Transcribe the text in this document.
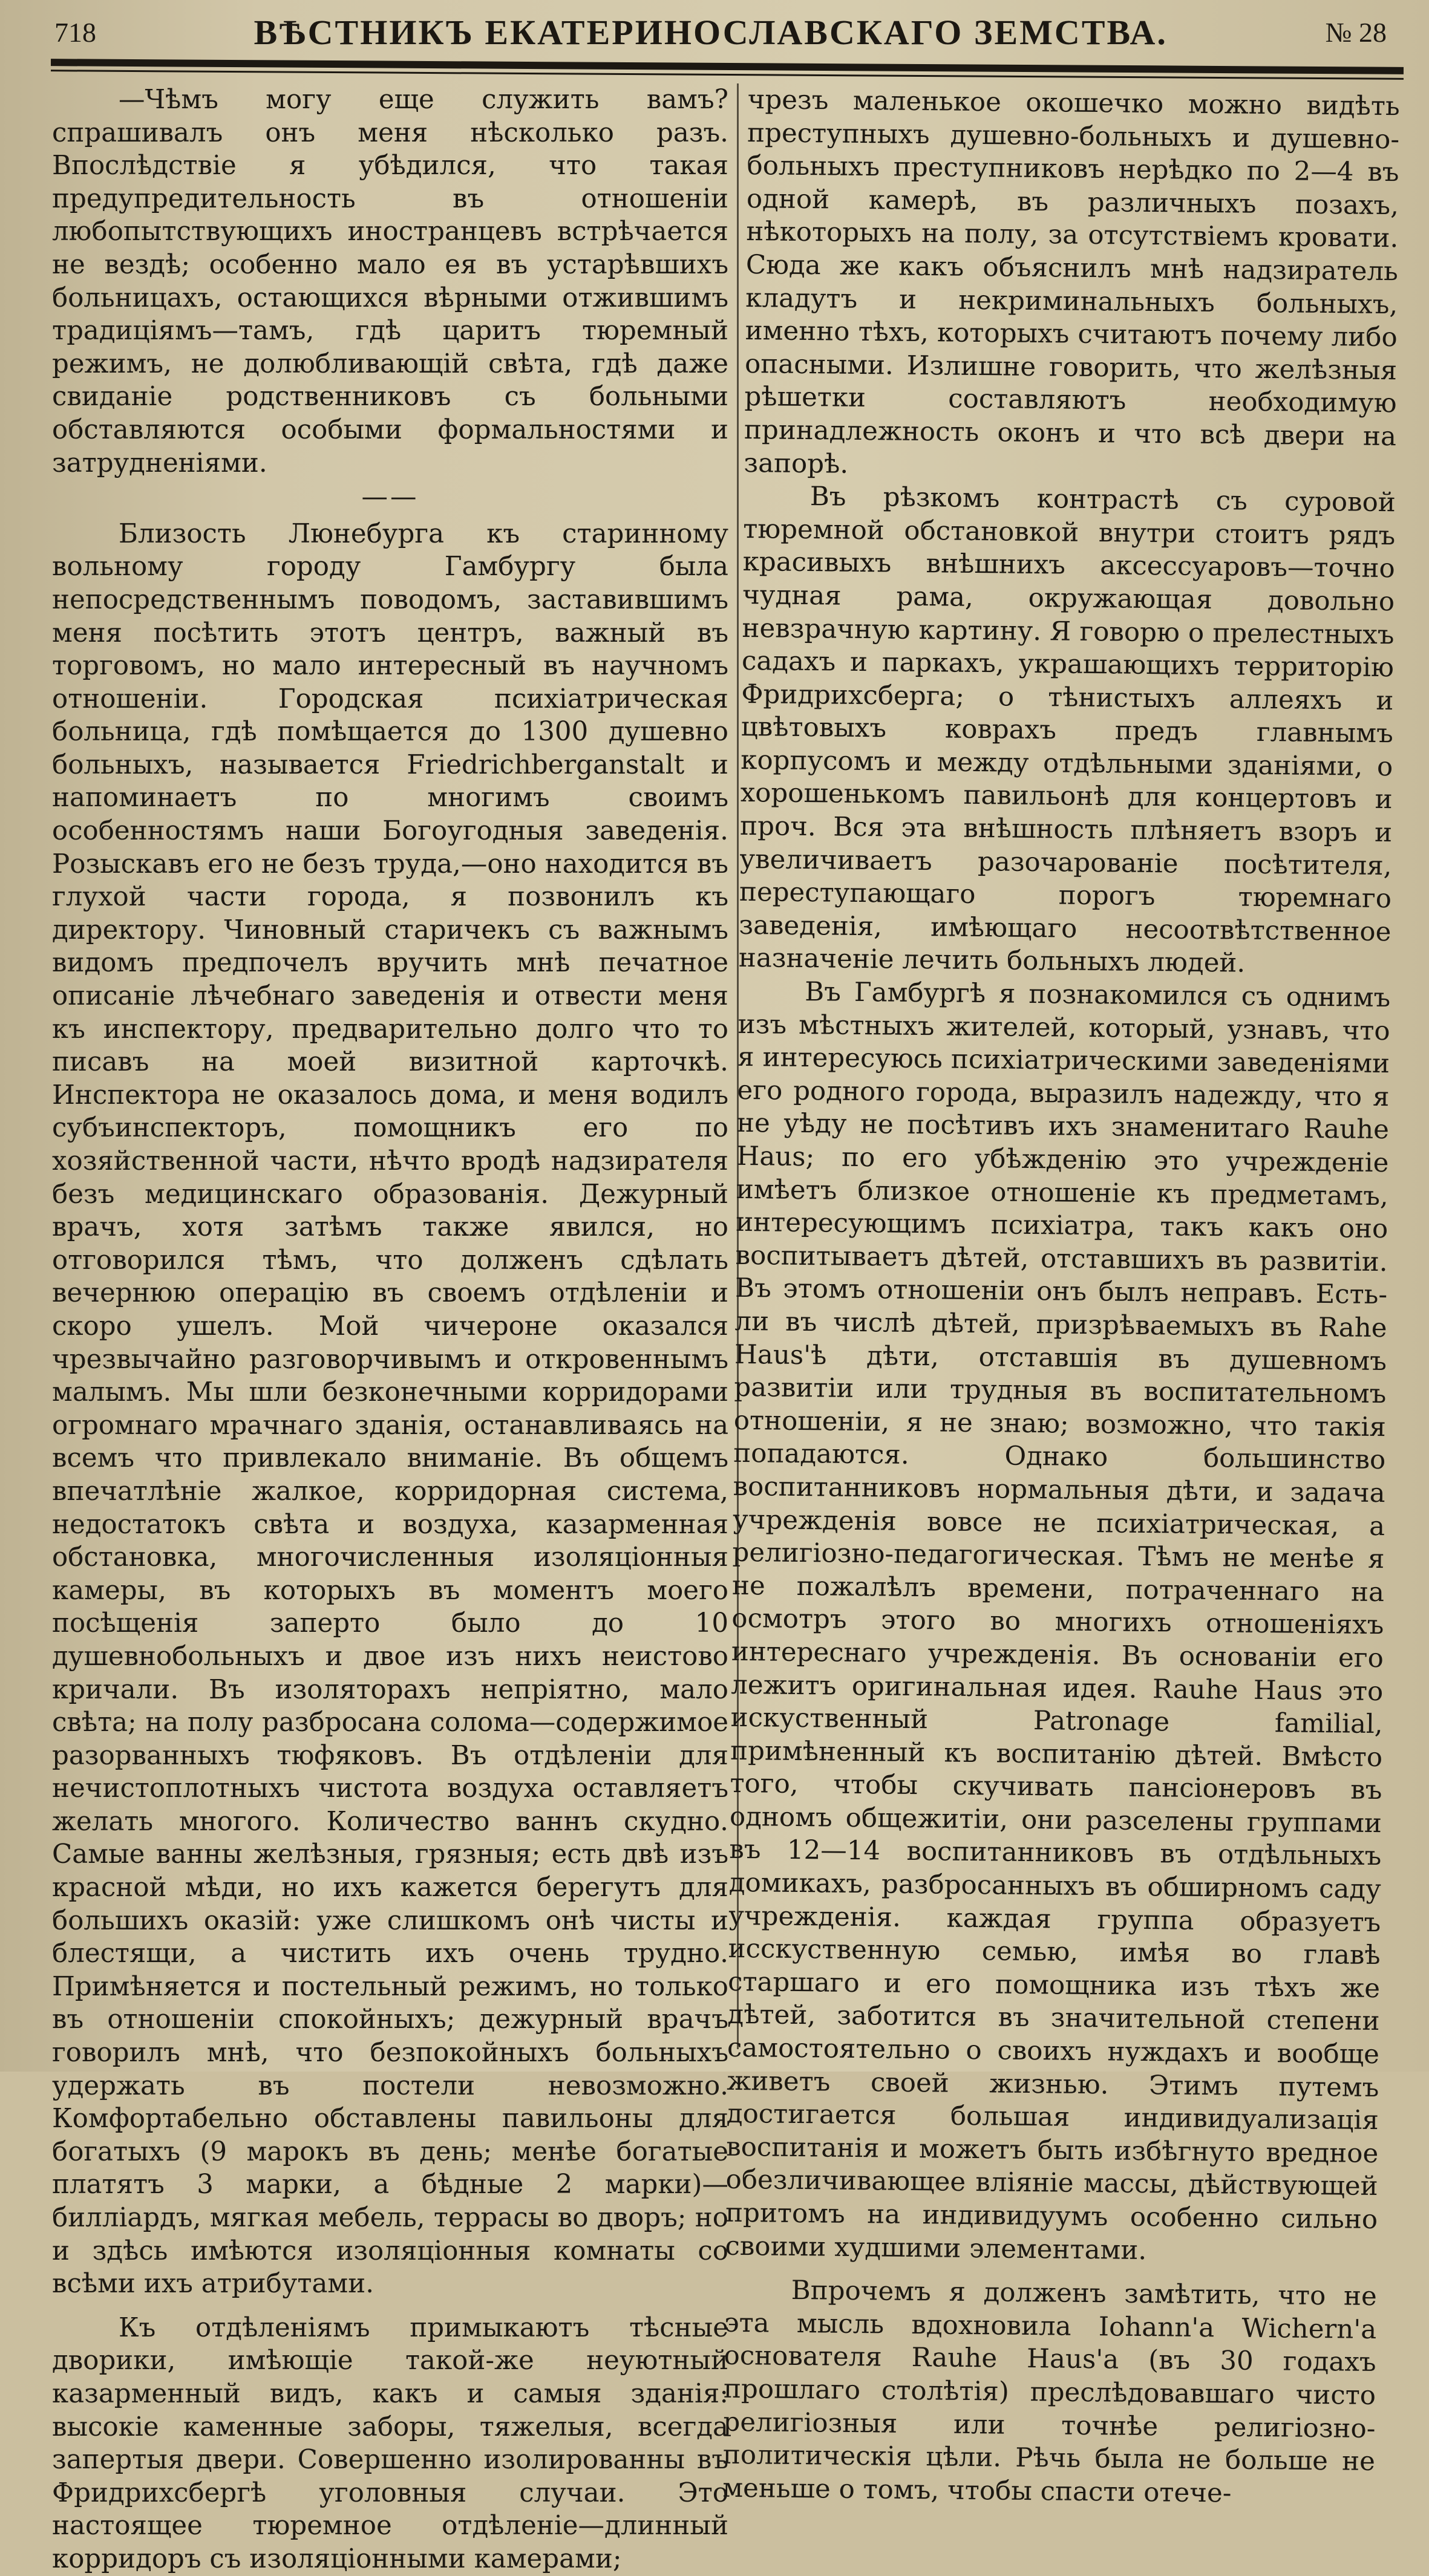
718	ВѢСТНИКЪ ЕКАТЕРИНОСЛАВСКАГО ЗЕМСТВА.	№ 28

—Чѣмъ могу еще служить вамъ? спрашивалъ онъ меня нѣсколько разъ. Впослѣдствіе я убѣдился, что такая предупредительность въ отношеніи любопытствующихъ иностранцевъ встрѣчается не вездѣ; особенно мало ея въ устарѣвшихъ больницахъ, остающихся вѣрными отжившимъ традиціямъ—тамъ, гдѣ царитъ тюремный режимъ, не долюбливающій свѣта, гдѣ даже свиданіе родственниковъ съ больными обставляются особыми формальностями и затрудненіями.

——

Близость Люнебурга къ старинному вольному городу Гамбургу была непосредственнымъ поводомъ, заставившимъ меня посѣтить этотъ центръ, важный въ торговомъ, но мало интересный въ научномъ отношеніи. Городская психіатрическая больница, гдѣ помѣщается до 1300 душевно больныхъ, называется Friedrichberganstalt и напоминаетъ по многимъ своимъ особенностямъ наши Богоугодныя заведенія. Розыскавъ его не безъ труда,—оно находится въ глухой части города, я позвонилъ къ директору. Чиновный старичекъ съ важнымъ видомъ предпочелъ вручить мнѣ печатное описаніе лѣчебнаго заведенія и отвести меня къ инспектору, предварительно долго что то писавъ на моей визитной карточкѣ. Инспектора не оказалось дома, и меня водилъ субъинспекторъ, помощникъ его по хозяйственной части, нѣчто вродѣ надзирателя безъ медицинскаго образованія. Дежурный врачъ, хотя затѣмъ также явился, но отговорился тѣмъ, что долженъ сдѣлать вечернюю операцію въ своемъ отдѣленіи и скоро ушелъ. Мой чичероне оказался чрезвычайно разговорчивымъ и откровеннымъ малымъ. Мы шли безконечными корридорами огромнаго мрачнаго зданія, останавливаясь на всемъ что привлекало вниманіе. Въ общемъ впечатлѣніе жалкое, корридорная система, недостатокъ свѣта и воздуха, казарменная обстановка, многочисленныя изоляціонныя камеры, въ которыхъ въ моментъ моего посѣщенія заперто было до 10 душевнобольныхъ и двое изъ нихъ неистово кричали. Въ изоляторахъ непріятно, мало свѣта; на полу разбросана солома—содержимое разорванныхъ тюфяковъ. Въ отдѣленіи для нечистоплотныхъ чистота воздуха оставляетъ желать многого. Количество ваннъ скудно. Самые ванны желѣзныя, грязныя; есть двѣ изъ красной мѣди, но ихъ кажется берегутъ для большихъ оказій: уже слишкомъ онѣ чисты и блестящи, а чистить ихъ очень трудно. Примѣняется и постельный режимъ, но только въ отношеніи спокойныхъ; дежурный врачъ говорилъ мнѣ, что безпокойныхъ больныхъ удержать въ постели невозможно. Комфортабельно обставлены павильоны для богатыхъ (9 марокъ въ день; менѣе богатые платятъ 3 марки, а бѣдные 2 марки)—билліардъ, мягкая мебель, террасы во дворъ; но и здѣсь имѣются изоляціонныя комнаты со всѣми ихъ атрибутами.

Къ отдѣленіямъ примыкаютъ тѣсные дворики, имѣющіе такой-же неуютный казарменный видъ, какъ и самыя зданія: высокіе каменные заборы, тяжелыя, всегда запертыя двери. Совершенно изолированны въ Фридрихсбергѣ уголовныя случаи. Это настоящее тюремное отдѣленіе—длинный корридоръ съ изоляціонными камерами;

чрезъ маленькое окошечко можно видѣть преступныхъ душевно-больныхъ и душевно-больныхъ преступниковъ нерѣдко по 2—4 въ одной камерѣ, въ различныхъ позахъ, нѣкоторыхъ на полу, за отсутствіемъ кровати. Сюда же какъ объяснилъ мнѣ надзиратель кладутъ и некриминальныхъ больныхъ, именно тѣхъ, которыхъ считаютъ почему либо опасными. Излишне говорить, что желѣзныя рѣшетки составляютъ необходимую принадлежность оконъ и что всѣ двери на запорѣ.

Въ рѣзкомъ контрастѣ съ суровой тюремной обстановкой внутри стоитъ рядъ красивыхъ внѣшнихъ аксессуаровъ—точно чудная рама, окружающая довольно невзрачную картину. Я говорю о прелестныхъ садахъ и паркахъ, украшающихъ территорію Фридрихсберга; о тѣнистыхъ аллеяхъ и цвѣтовыхъ коврахъ предъ главнымъ корпусомъ и между отдѣльными зданіями, о хорошенькомъ павильонѣ для концертовъ и проч. Вся эта внѣшность плѣняетъ взоръ и увеличиваетъ разочарованіе посѣтителя, переступающаго порогъ тюремнаго заведенія, имѣющаго несоотвѣтственное назначеніе лечить больныхъ людей.

Въ Гамбургѣ я познакомился съ однимъ изъ мѣстныхъ жителей, который, узнавъ, что я интересуюсь психіатрическими заведеніями его родного города, выразилъ надежду, что я не уѣду не посѣтивъ ихъ знаменитаго Rauhe Haus; по его убѣжденію это учрежденіе имѣетъ близкое отношеніе къ предметамъ, интересующимъ психіатра, такъ какъ оно воспитываетъ дѣтей, отставшихъ въ развитіи. Въ этомъ отношеніи онъ былъ неправъ. Есть-ли въ числѣ дѣтей, призрѣваемыхъ въ Rahe Haus'ѣ дѣти, отставшія въ душевномъ развитіи или трудныя въ воспитательномъ отношеніи, я не знаю; возможно, что такія попадаются. Однако большинство воспитанниковъ нормальныя дѣти, и задача учрежденія вовсе не психіатрическая, а религіозно-педагогическая. Тѣмъ не менѣе я не пожалѣлъ времени, потраченнаго на осмотръ этого во многихъ отношеніяхъ интереснаго учрежденія. Въ основаніи его лежитъ оригинальная идея. Rauhe Haus это искуственный Patronage familial, примѣненный къ воспитанію дѣтей. Вмѣсто того, чтобы скучивать пансіонеровъ въ одномъ общежитіи, они разселены группами въ 12—14 воспитанниковъ въ отдѣльныхъ домикахъ, разбросанныхъ въ обширномъ саду учрежденія. каждая группа образуетъ исскуственную семью, имѣя во главѣ старшаго и его помощника изъ тѣхъ же дѣтей, заботится въ значительной степени самостоятельно о своихъ нуждахъ и вообще живетъ своей жизнью. Этимъ путемъ достигается большая индивидуализація воспитанія и можетъ быть избѣгнуто вредное обезличивающее вліяніе массы, дѣйствующей притомъ на индивидуумъ особенно сильно своими худшими элементами.

Впрочемъ я долженъ замѣтить, что не эта мысль вдохновила Iohann'a Wichern'a основателя Rauhe Haus'a (въ 30 годахъ прошлаго столѣтія) преслѣдовавшаго чисто религіозныя или точнѣе религіозно-политическія цѣли. Рѣчь была не больше не меньше о томъ, чтобы спасти отече-
